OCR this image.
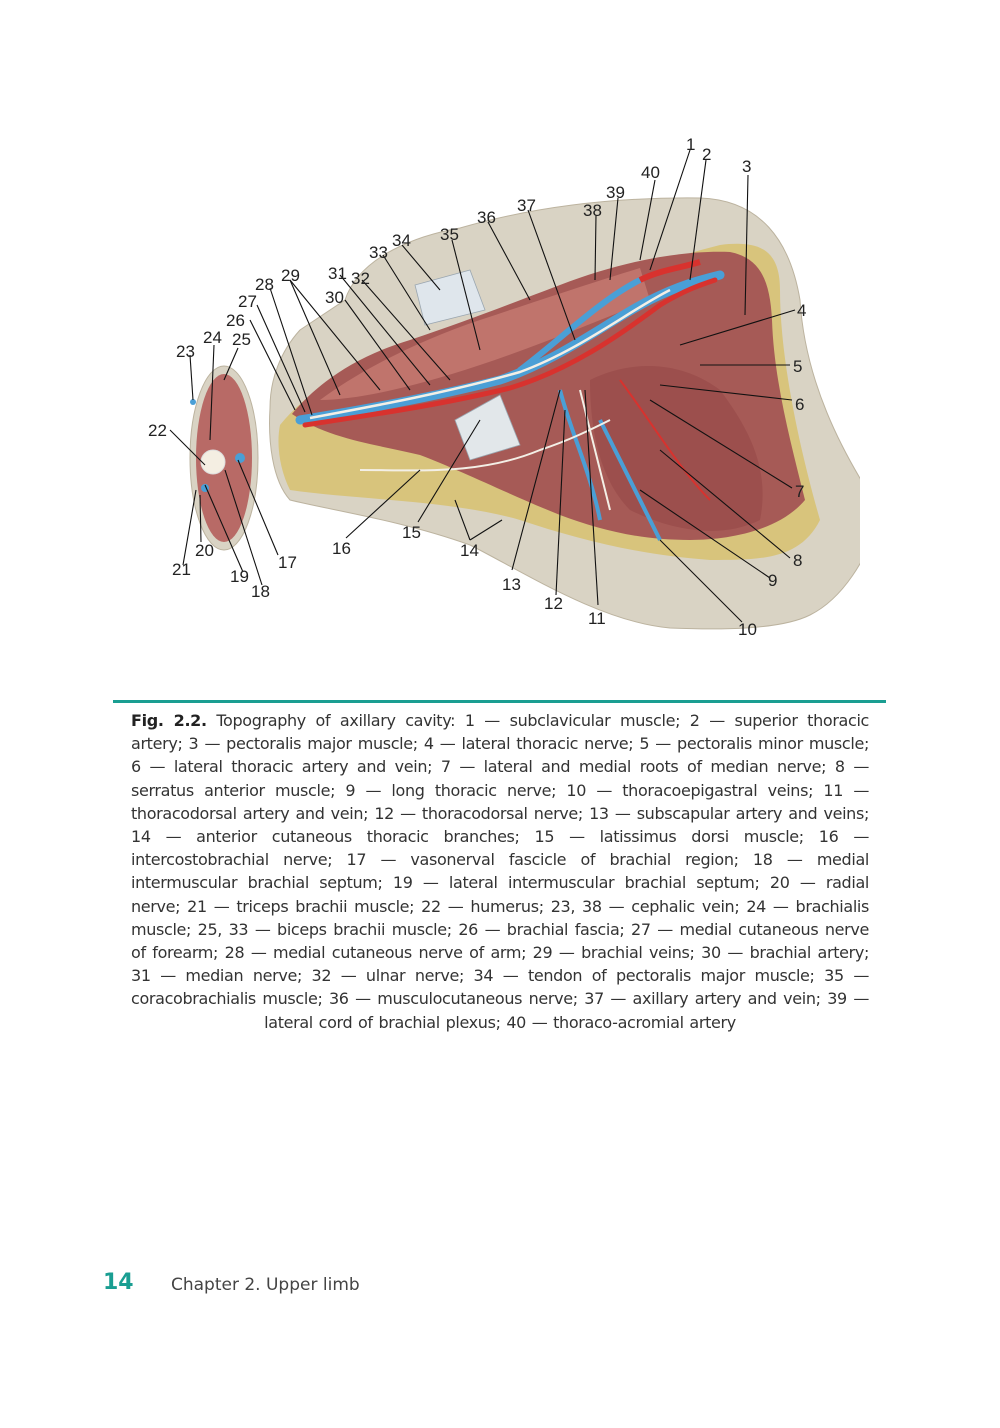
1
2
3
4
5
6
7
8
9
10
11
12
13
14
15
16
17
18
19
20
21
22
23
24 25
26
27
28 29
30
31 32
33
34 35
36
37	38
39
40
Fig. 2.2. Topography of axillary cavity: 1 — subclavicular muscle; 2 — superior thoracic artery; 3 — pectoralis major muscle; 4 — lateral thoracic nerve; 5 — pectoralis minor muscle; 6 — lateral thoracic artery and vein; 7 — lateral and medial roots of median nerve; 8 — serratus anterior muscle; 9 — long thoracic nerve; 10 — thoracoepigastral veins; 11 — thoracodorsal artery and vein; 12 — thoracodorsal nerve; 13 — subscapular artery and veins; 14 — anterior cutaneous thoracic branches; 15 — latissimus dorsi muscle; 16 — intercostobrachial nerve; 17 — vasonerval fascicle of brachial region; 18 — medial intermuscular brachial septum; 19 — lateral intermuscular brachial septum; 20 — radial nerve; 21 — triceps brachii muscle; 22 — humerus; 23, 38 — cephalic vein; 24 — brachialis muscle; 25, 33 — biceps brachii muscle; 26 — brachial fascia; 27 — medial cutaneous nerve of forearm; 28 — medial cutaneous nerve of arm; 29 — brachial veins; 30 — brachial artery; 31 — median nerve; 32 — ulnar nerve; 34 — tendon of pectoralis major muscle; 35 — coracobrachialis muscle; 36 — musculocutaneous nerve; 37 — axillary artery and vein; 39 — lateral cord of brachial plexus; 40 — thoraco-acromial artery
14 Chapter 2. Upper limb
